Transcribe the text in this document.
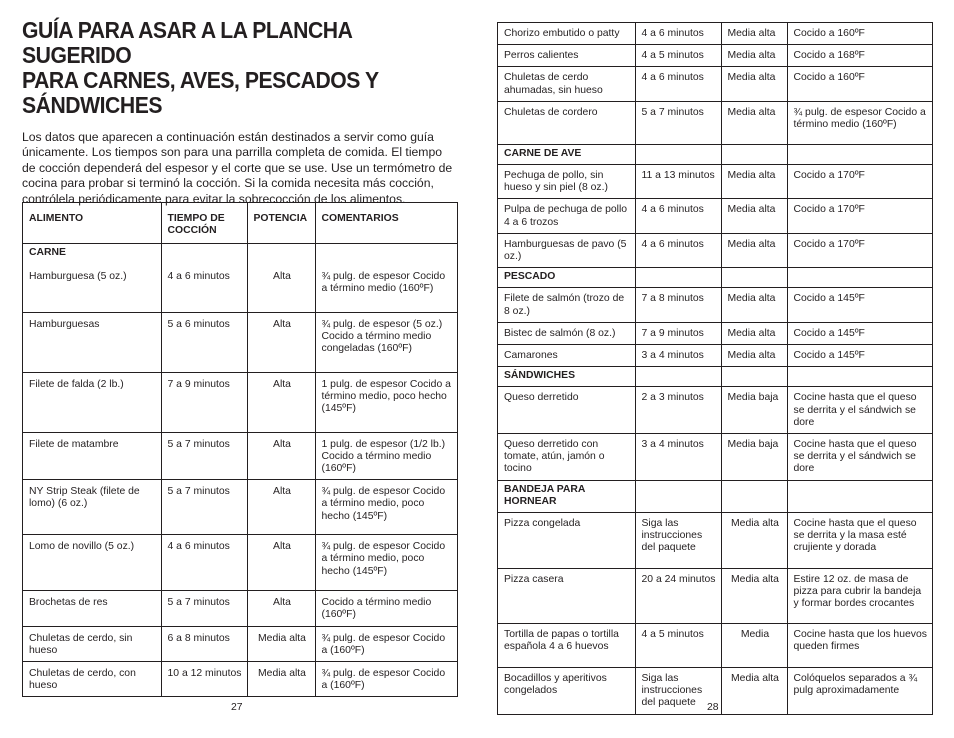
GUÍA PARA ASAR A LA PLANCHA SUGERIDO
PARA CARNES, AVES, PESCADOS Y
SÁNDWICHES

Los datos que aparecen a continuación están destinados a servir como guía únicamente. Los tiempos son para una parrilla completa de comida. El tiempo de cocción dependerá del espesor y el corte que se use. Use un termómetro de cocina para probar si terminó la cocción. Si la comida necesita más cocción, contrólela periódicamente para evitar la sobrecocción de los alimentos.

ALIMENTO	TIEMPO DE COCCIÓN	POTENCIA	COMENTARIOS
CARNE			
Hamburguesa (5 oz.)	4 a 6 minutos	Alta	¾ pulg. de espesor Cocido a término medio (160ºF)
Hamburguesas	5 a 6 minutos	Alta	¾ pulg. de espesor (5 oz.) Cocido a término medio congeladas (160ºF)
Filete de falda (2 lb.)	7 a 9 minutos	Alta	1 pulg. de espesor Cocido a término medio, poco hecho (145ºF)
Filete de matambre	5 a 7 minutos	Alta	1 pulg. de espesor (1/2 lb.) Cocido a término medio (160ºF)
NY Strip Steak (filete de lomo) (6 oz.)	5 a 7 minutos	Alta	¾ pulg. de espesor Cocido a término medio, poco hecho (145ºF)
Lomo de novillo (5 oz.)	4 a 6 minutos	Alta	¾ pulg. de espesor Cocido a término medio, poco hecho (145ºF)
Brochetas de res	5 a 7 minutos	Alta	Cocido a término medio (160ºF)
Chuletas de cerdo, sin hueso	6 a 8 minutos	Media alta	¾ pulg. de espesor Cocido a (160ºF)
Chuletas de cerdo, con hueso	10 a 12 minutos	Media alta	¾ pulg. de espesor Cocido a (160ºF)
27
Chorizo embutido o patty	4 a 6 minutos	Media alta	Cocido a 160ºF
Perros calientes	4 a 5 minutos	Media alta	Cocido a 168ºF
Chuletas de cerdo ahumadas, sin hueso	4 a 6 minutos	Media alta	Cocido a 160ºF
Chuletas de cordero	5 a 7 minutos	Media alta	¾ pulg. de espesor Cocido a término medio (160ºF)
CARNE DE AVE			
Pechuga de pollo, sin hueso y sin piel (8 oz.)	11 a 13 minutos	Media alta	Cocido a 170ºF
Pulpa de pechuga de pollo 4 a 6 trozos	4 a 6 minutos	Media alta	Cocido a 170ºF
Hamburguesas de pavo (5 oz.)	4 a 6 minutos	Media alta	Cocido a 170ºF
PESCADO			
Filete de salmón (trozo de 8 oz.)	7 a 8 minutos	Media alta	Cocido a 145ºF
Bistec de salmón (8 oz.)	7 a 9 minutos	Media alta	Cocido a 145ºF
Camarones	3 a 4 minutos	Media alta	Cocido a 145ºF
SÁNDWICHES			
Queso derretido	2 a 3 minutos	Media baja	Cocine hasta que el queso se derrita y el sándwich se dore
Queso derretido con tomate, atún, jamón o tocino	3 a 4 minutos	Media baja	Cocine hasta que el queso se derrita y el sándwich se dore
BANDEJA PARA HORNEAR			
Pizza congelada	Siga las instrucciones del paquete	Media alta	Cocine hasta que el queso se derrita y la masa esté crujiente y dorada
Pizza casera	20 a 24 minutos	Media alta	Estire 12 oz. de masa de pizza para cubrir la bandeja y formar bordes crocantes
Tortilla de papas o tortilla española 4 a 6 huevos	4 a 5 minutos	Media	Cocine hasta que los huevos queden firmes
Bocadillos y aperitivos congelados	Siga las instrucciones del paquete	Media alta	Colóquelos separados a ¾ pulg aproximadamente
28
